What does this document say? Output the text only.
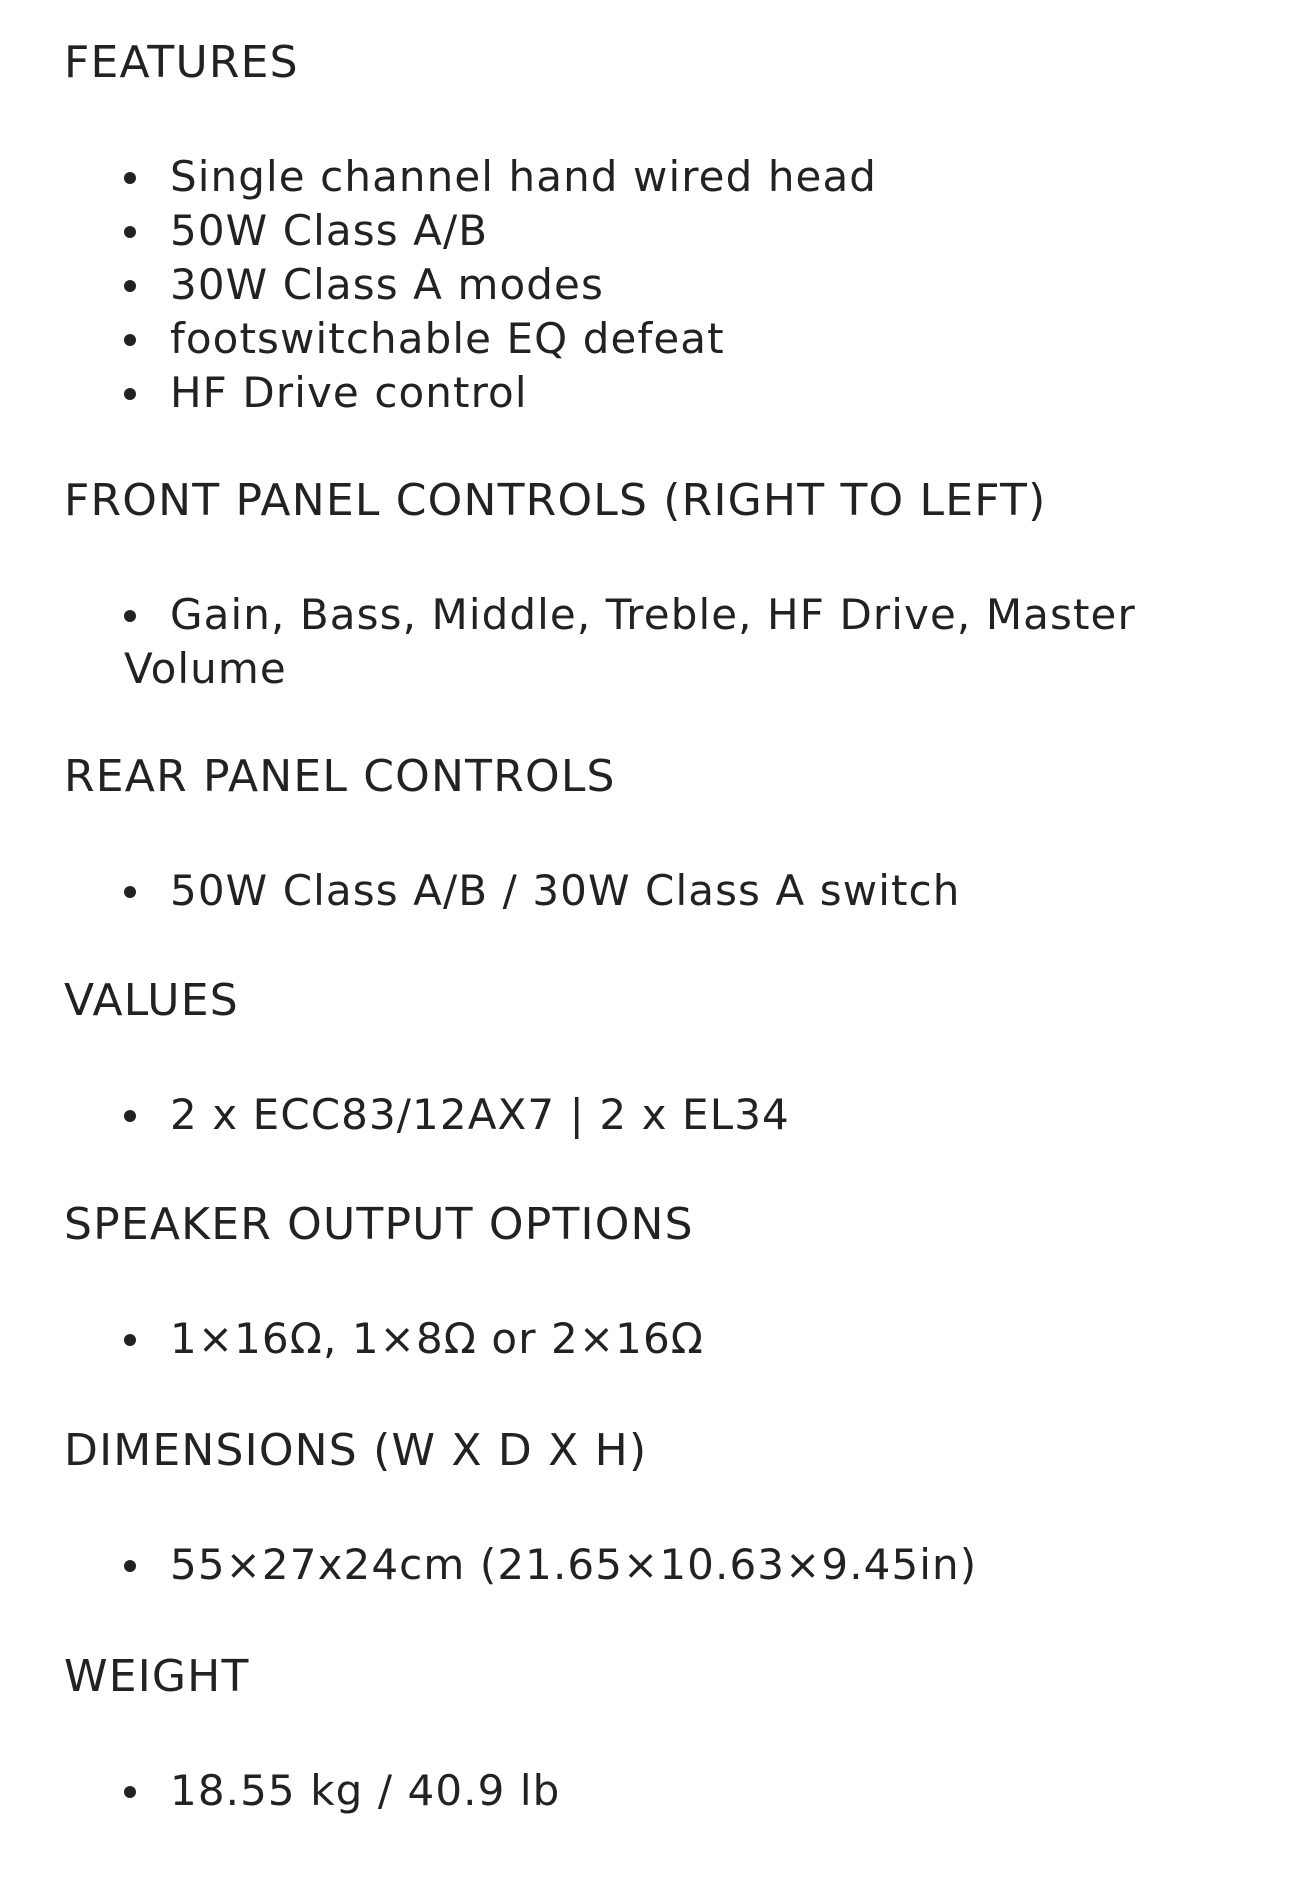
FEATURES
Single channel hand wired head
50W Class A/B
30W Class A modes
footswitchable EQ defeat
HF Drive control
FRONT PANEL CONTROLS (RIGHT TO LEFT)
Gain, Bass, Middle, Treble, HF Drive, Master Volume
REAR PANEL CONTROLS
50W Class A/B / 30W Class A switch
VALUES
2 x ECC83/12AX7 | 2 x EL34
SPEAKER OUTPUT OPTIONS
1×16Ω, 1×8Ω or 2×16Ω
DIMENSIONS (W X D X H)
55×27x24cm (21.65×10.63×9.45in)
WEIGHT
18.55 kg / 40.9 lb
